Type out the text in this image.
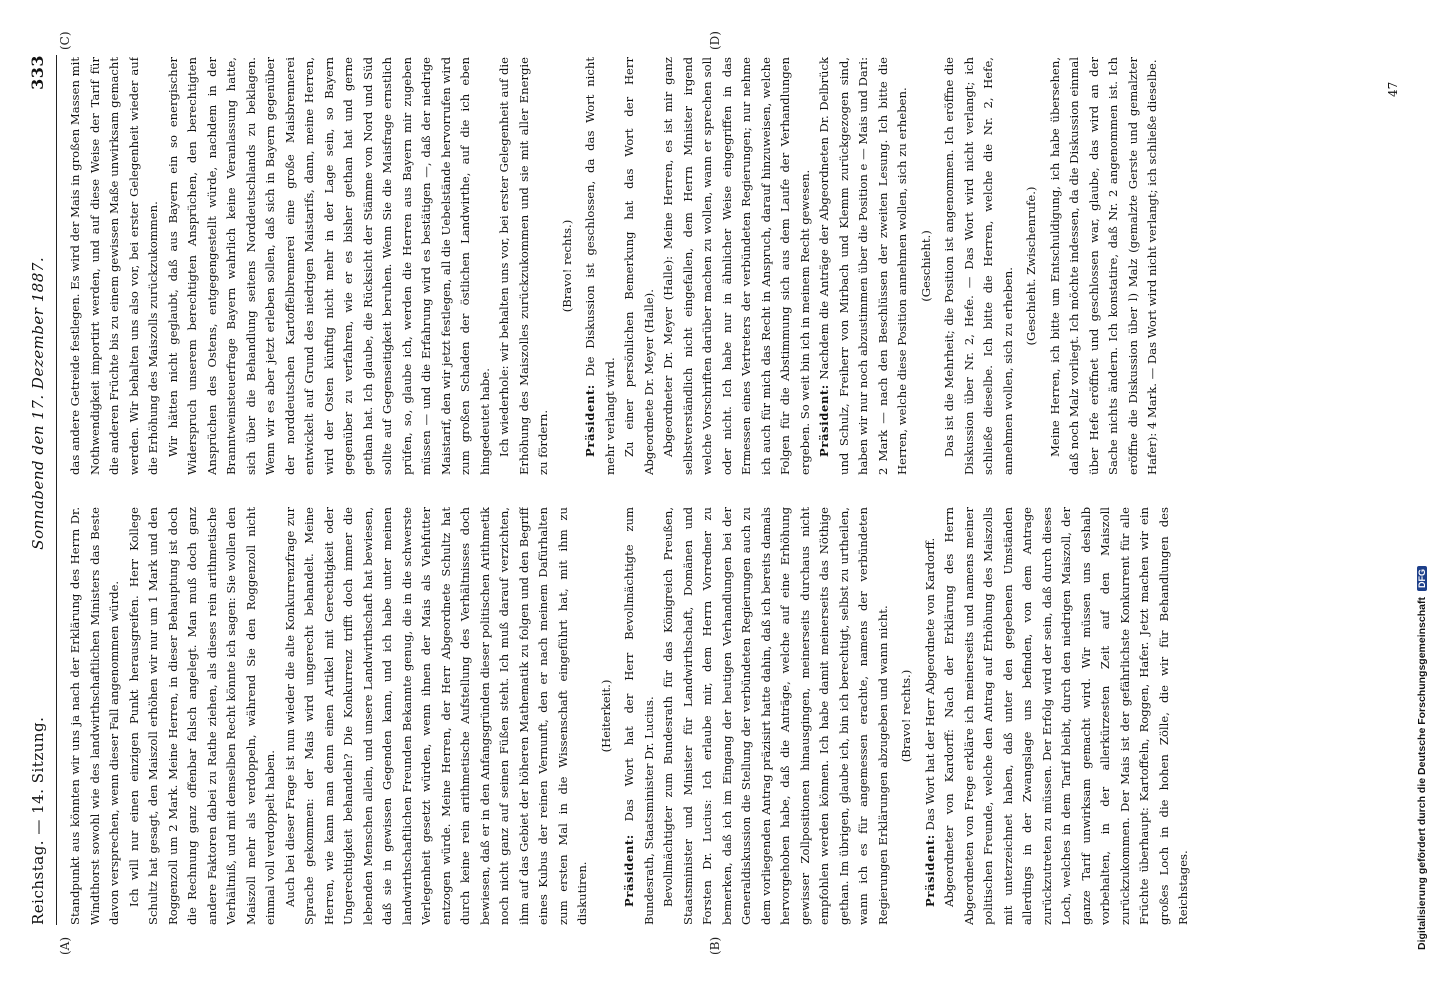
Reichstag. — 14. Sitzung.
Sonnabend den 17. Dezember 1887.
333
(A)	(B)
(C)	(D)

Standpunkt aus könnten wir uns ja nach der Erklärung des Herrn Dr. Windthorst sowohl wie des landwirthschaftlichen Ministers das Beste davon versprechen, wenn dieser Fall angenommen würde. Ich will nur einen einzigen Punkt herausgreifen. Herr Kollege Schultz hat gesagt, den Maiszoll erhöhen wir nur um 1 Mark und den Roggenzoll um 2 Mark. Meine Herren, in dieser Behauptung ist doch die Rechnung ganz offenbar falsch angelegt. Man muß doch ganz andere Faktoren dabei zu Rathe ziehen, als dieses rein arithmetische Verhältniß, und mit demselben Recht könnte ich sagen: Sie wollen den Maiszoll mehr als verdoppeln, während Sie den Roggenzoll nicht einmal voll verdoppelt haben. Auch bei dieser Frage ist nun wieder die alte Konkurrenzfrage zur Sprache gekommen: der Mais wird ungerecht behandelt. Meine Herren, wie kann man denn einen Artikel mit Gerechtigkeit oder Ungerechtigkeit behandeln? Die Konkurrenz trifft doch immer die lebenden Menschen allein, und unsere Landwirthschaft hat bewiesen, daß sie in gewissen Gegenden kann, und ich habe unter meinen landwirthschaftlichen Freunden Bekannte genug, die in die schwerste Verlegenheit gesetzt würden, wenn ihnen der Mais als Viehfutter entzogen würde. Meine Herren, der Herr Abgeordnete Schultz hat durch keine rein arithmetische Aufstellung des Verhältnisses doch bewiesen, daß er in den Anfangsgründen dieser politischen Arithmetik noch nicht ganz auf seinen Füßen steht. Ich muß darauf verzichten, ihm auf das Gebiet der höheren Mathematik zu folgen und den Begriff eines Kubus der reinen Vernunft, den er nach meinem Dafürhalten zum ersten Mal in die Wissenschaft eingeführt hat, mit ihm zu diskutiren.

(Heiterkeit.)

Präsident: Das Wort hat der Herr Bevollmächtigte zum Bundesrath, Staatsminister Dr. Lucius. Bevollmächtigter zum Bundesrath für das Königreich Preußen, Staatsminister und Minister für Landwirthschaft, Domänen und Forsten Dr. Lucius: Ich erlaube mir, dem Herrn Vorredner zu bemerken, daß ich im Eingang der heutigen Verhandlungen bei der Generaldiskussion die Stellung der verbündeten Regierungen auch zu dem vorliegenden Antrag präzisirt hatte dahin, daß ich bereits damals hervorgehoben habe, daß die Anträge, welche auf eine Erhöhung gewisser Zollpositionen hinausgingen, meinerseits durchaus nicht empfohlen werden können. Ich habe damit meinerseits das Nöthige gethan. Im übrigen, glaube ich, bin ich berechtigt, selbst zu urtheilen, wann ich es für angemessen erachte, namens der verbündeten Regierungen Erklärungen abzugeben und wann nicht. (Bravo! rechts.)

Präsident: Das Wort hat der Herr Abgeordnete von Kardorff. Abgeordneter von Kardorff: Nach der Erklärung des Herrn Abgeordneten von Frege erkläre ich meinerseits und namens meiner politischen Freunde, welche den Antrag auf Erhöhung des Maiszolls mit unterzeichnet haben, daß unter den gegebenen Umständen allerdings in der Zwangslage uns befinden, von dem Antrage zurückzutreten zu müssen. Der Erfolg wird der sein, daß durch dieses Loch, welches in dem Tarif bleibt, durch den niedrigen Maiszoll, der ganze Tarif unwirksam gemacht wird. Wir müssen uns deshalb vorbehalten, in der allerkürzesten Zeit auf den Maiszoll zurückzukommen. Der Mais ist der gefährlichste Konkurrent für alle Früchte überhaupt: Kartoffeln, Roggen, Hafer. Jetzt machen wir ein großes Loch in die hohen Zölle, die wir für Behandlungen des Reichstages.

das andere Getreide festlegen. Es wird der Mais in großen Massen mit Nothwendigkeit importirt werden, und auf diese Weise der Tarif für die anderen Früchte bis zu einem gewissen Maße unwirksam gemacht werden. Wir behalten uns also vor, bei erster Gelegenheit wieder auf die Erhöhung des Maiszolls zurückzukommen. Wir hätten nicht geglaubt, daß aus Bayern ein so energischer Widerspruch unserem berechtigten Ansprüchen, den berechtigten Ansprüchen des Ostens, entgegengestellt würde, nachdem in der Branntweinsteuerfrage Bayern wahrlich keine Veranlassung hatte, sich über die Behandlung seitens Norddeutschlands zu beklagen. Wenn wir es aber jetzt erleben sollen, daß sich in Bayern gegenüber der norddeutschen Kartoffelbrennerei eine große Maisbrennerei entwickelt auf Grund des niedrigen Maistarifs, dann, meine Herren, wird der Osten künftig nicht mehr in der Lage sein, so Bayern gegenüber zu verfahren, wie er es bisher gethan hat und gerne gethan hat. Ich glaube, die Rücksicht der Stämme von Nord und Süd sollte auf Gegenseitigkeit beruhen. Wenn Sie die Maisfrage ernstlich prüfen, so, glaube ich, werden die Herren aus Bayern mir zugeben müssen — und die Erfahrung wird es bestätigen —, daß der niedrige Maistarif, den wir jetzt festlegen, all die Uebelstände hervorrufen wird zum großen Schaden der östlichen Landwirthe, auf die ich eben hingedeutet habe. Ich wiederhole: wir behalten uns vor, bei erster Gelegenheit auf die Erhöhung des Maiszolles zurückzukommen und sie mit aller Energie zu fördern.

(Bravo! rechts.)

Präsident: Die Diskussion ist geschlossen, da das Wort nicht mehr verlangt wird. Zu einer persönlichen Bemerkung hat das Wort der Herr Abgeordnete Dr. Meyer (Halle). Abgeordneter Dr. Meyer (Halle): Meine Herren, es ist mir ganz selbstverständlich nicht eingefallen, dem Herrn Minister irgend welche Vorschriften darüber machen zu wollen, wann er sprechen soll oder nicht. Ich habe nur in ähnlicher Weise eingegriffen in das Ermessen eines Vertreters der verbündeten Regierungen; nur nehme ich auch für mich das Recht in Anspruch, darauf hinzuweisen, welche Folgen für die Abstimmung sich aus dem Laufe der Verhandlungen ergeben. So weit bin ich in meinem Recht gewesen. Präsident: Nachdem die Anträge der Abgeordneten Dr. Delbrück und Schulz, Freiherr von Mirbach und Klemm zurückgezogen sind, haben wir nur noch abzustimmen über die Position e — Mais und Dari: 2 Mark — nach den Beschlüssen der zweiten Lesung. Ich bitte die Herren, welche diese Position annehmen wollen, sich zu erheben. (Geschieht.) Das ist die Mehrheit; die Position ist angenommen. Ich eröffne die Diskussion über Nr. 2, Hefe. — Das Wort wird nicht verlangt; ich schließe dieselbe. Ich bitte die Herren, welche die Nr. 2, Hefe, annehmen wollen, sich zu erheben.

(Geschieht. Zwischenrufe.) Meine Herren, ich bitte um Entschuldigung, ich habe übersehen, daß noch Malz vorliegt. Ich möchte indessen, da die Diskussion einmal über Hefe eröffnet und geschlossen war, glaube, das wird an der Sache nichts ändern. Ich konstatire, daß Nr. 2 angenommen ist. Ich eröffne die Diskussion über l) Malz (gemalzte Gerste und gemalzter Hafer): 4 Mark. — Das Wort wird nicht verlangt; ich schließe dieselbe.	47
Digitalisierung gefördert durch die Deutsche Forschungsgemeinschaft
DFG
